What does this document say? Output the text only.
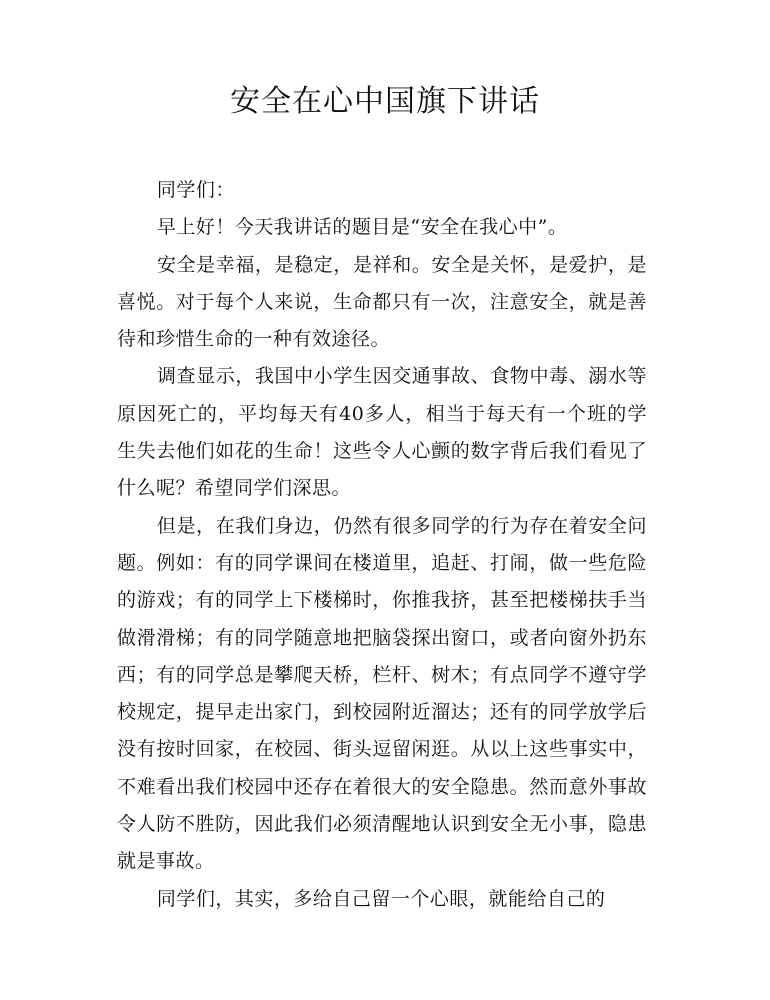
安全在心中国旗下讲话

同学们：

早上好！今天我讲话的题目是“安全在我心中”。

安全是幸福，是稳定，是祥和。安全是关怀，是爱护，是喜悦。对于每个人来说，生命都只有一次，注意安全，就是善待和珍惜生命的一种有效途径。

调查显示，我国中小学生因交通事故、食物中毒、溺水等原因死亡的，平均每天有40多人，相当于每天有一个班的学生失去他们如花的生命！这些令人心颤的数字背后我们看见了什么呢？希望同学们深思。

但是，在我们身边，仍然有很多同学的行为存在着安全问题。例如：有的同学课间在楼道里，追赶、打闹，做一些危险的游戏；有的同学上下楼梯时，你推我挤，甚至把楼梯扶手当做滑滑梯；有的同学随意地把脑袋探出窗口，或者向窗外扔东西；有的同学总是攀爬天桥，栏杆、树木；有点同学不遵守学校规定，提早走出家门，到校园附近溜达；还有的同学放学后没有按时回家，在校园、街头逗留闲逛。从以上这些事实中，不难看出我们校园中还存在着很大的安全隐患。然而意外事故令人防不胜防，因此我们必须清醒地认识到安全无小事，隐患就是事故。

同学们，其实，多给自己留一个心眼，就能给自己的
